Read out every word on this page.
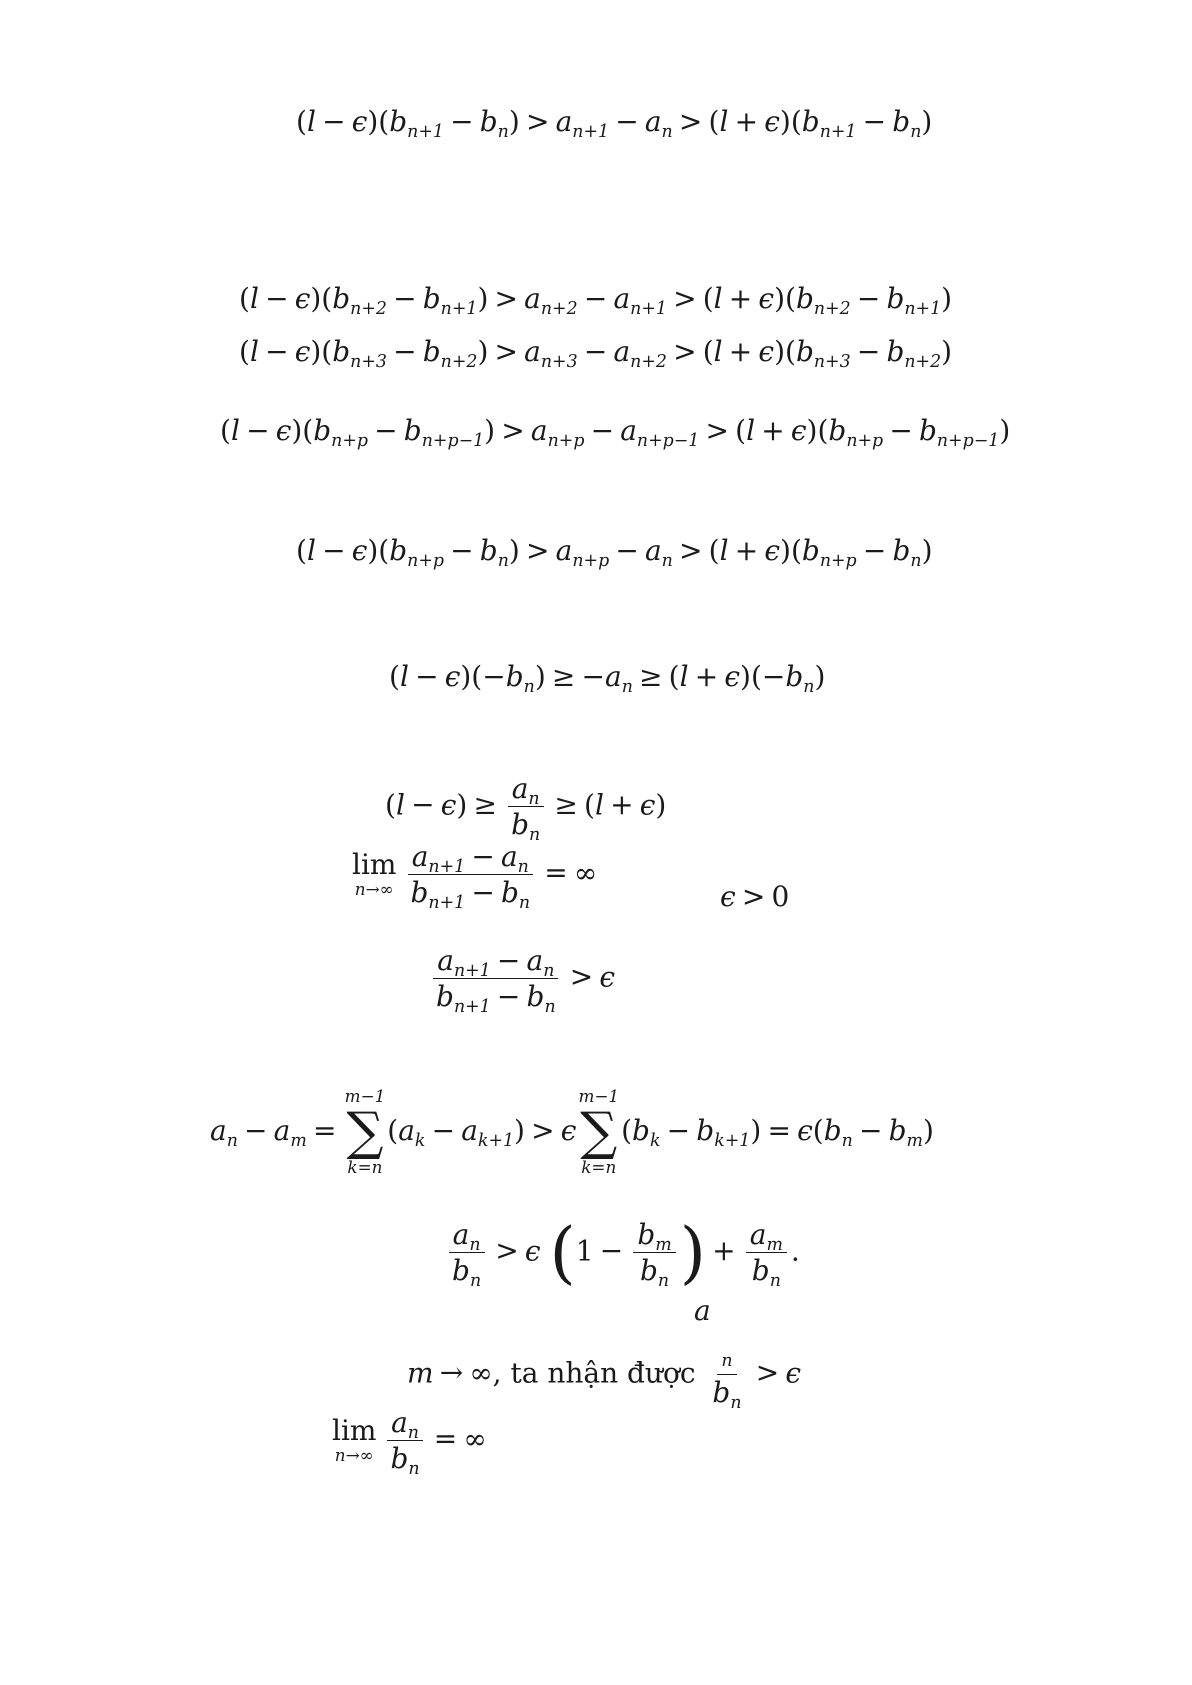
$(l - \epsilon)(b_{n+1} - b_n) > a_{n+1} - a_n > (l + \epsilon)(b_{n+1} - b_n)$
$(l - \epsilon)(b_{n+2} - b_{n+1}) > a_{n+2} - a_{n+1} > (l + \epsilon)(b_{n+2} - b_{n+1})$
$(l - \epsilon)(b_{n+3} - b_{n+2}) > a_{n+3} - a_{n+2} > (l + \epsilon)(b_{n+3} - b_{n+2})$
$(l - \epsilon)(b_{n+p} - b_{n+p-1}) > a_{n+p} - a_{n+p-1} > (l + \epsilon)(b_{n+p} - b_{n+p-1})$
$(l - \epsilon)(b_{n+p} - b_n) > a_{n+p} - a_n > (l + \epsilon)(b_{n+p} - b_n)$
$(l - \epsilon)(-b_n) \ge -a_n \ge (l + \epsilon)(-b_n)$
$(l - \epsilon) \ge \frac{a_n}{b_n} \ge (l + \epsilon)$
lim
$n\to\infty \frac{a_{n+1} - a_n}{b_{n+1} - b_n}$ = ∞
ϵ > 0
$\frac{a_{n+1} - a_n}{b_{n+1} - b_n} > \epsilon$
$a_n - a_m$ =
m−1
∑
k=n
$(a_k - a_{k+1}) > \epsilon$
m−1
∑
k=n
$(b_k - b_{k+1}) = \epsilon(b_n - b_m)$
$\frac{a_n}{b_n} > \epsilon$ ($1 - \frac{b_m}{b_n}$ ) + $\frac{a_m}{b_n}$ .
a
m → ∞, ta nhận được $\frac{n}{b_n} > \epsilon$
lim
$n\to\infty \frac{a_n}{b_n}$ = ∞
